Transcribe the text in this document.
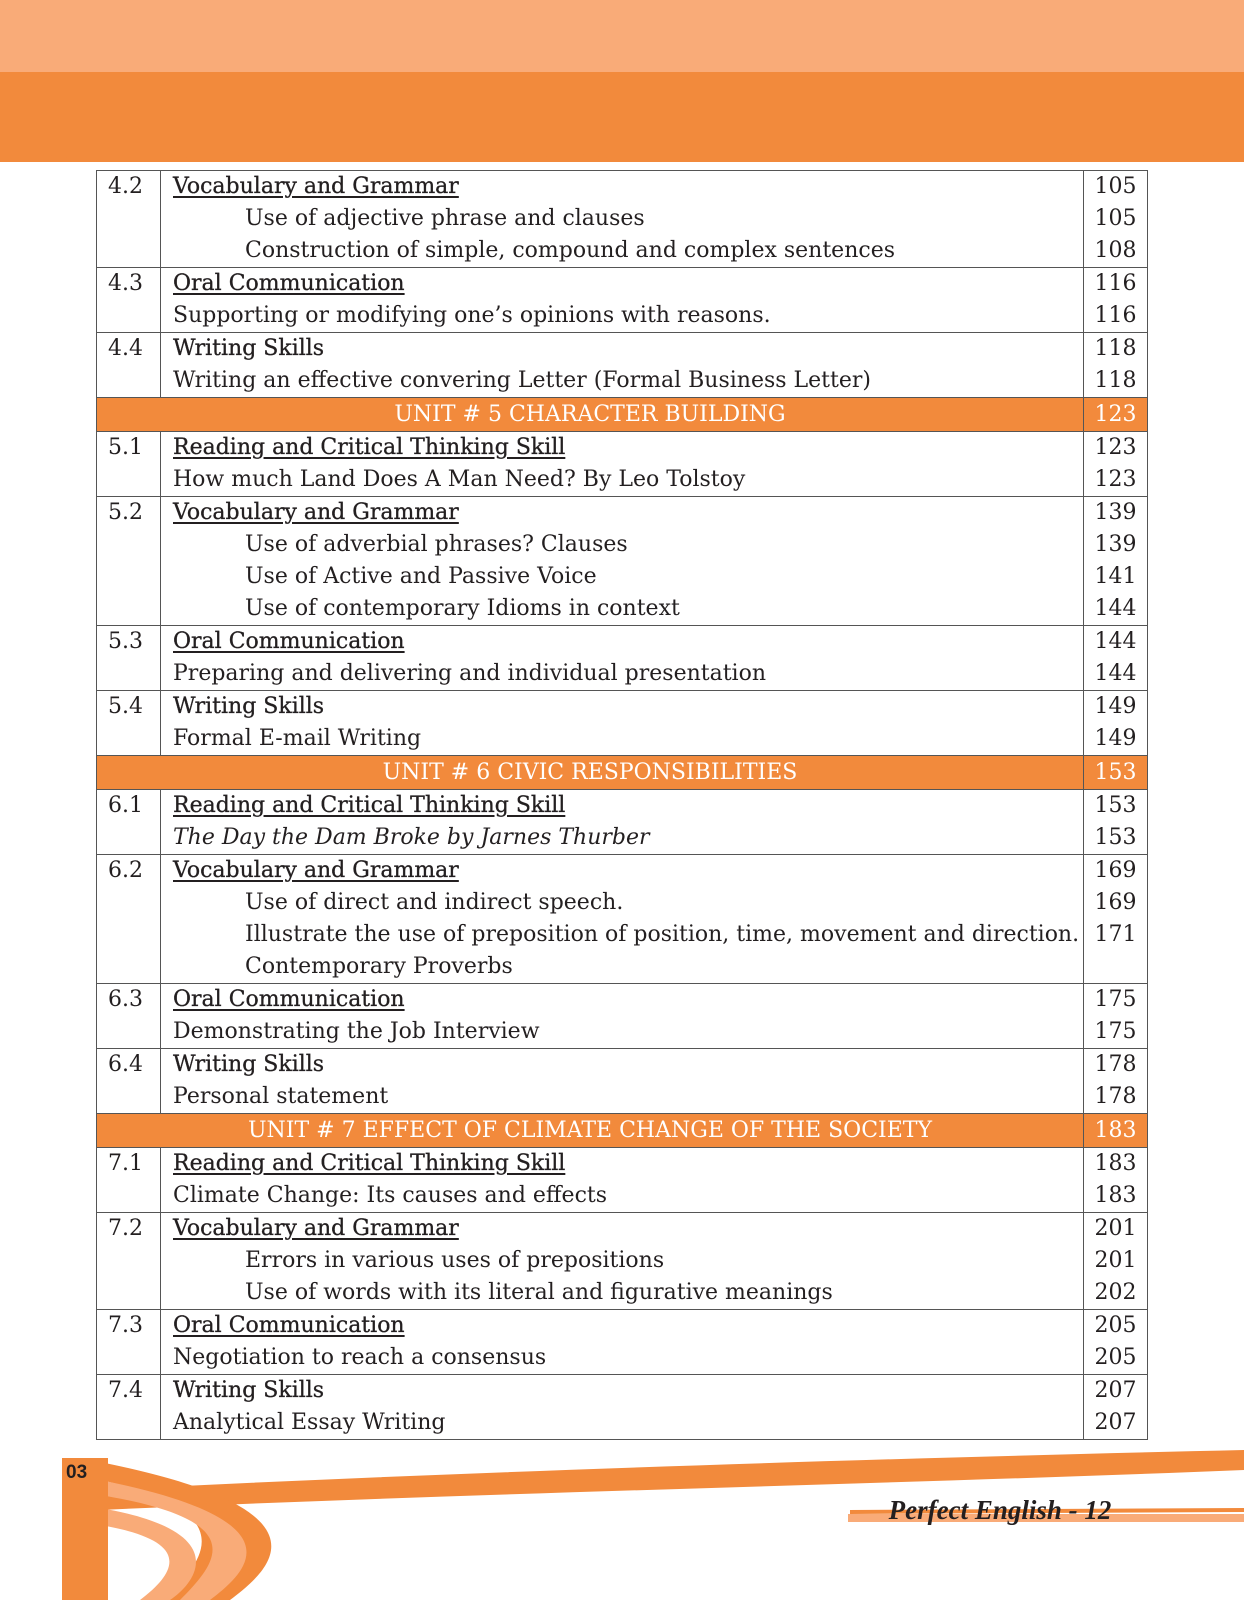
4.2	Vocabulary and Grammar	105
	Use of adjective phrase and clauses	105
	Construction of simple, compound and complex sentences	108
4.3	Oral Communication	116
	Supporting or modifying one’s opinions with reasons.	116
4.4	Writing Skills	118
	Writing an effective convering Letter (Formal Business Letter)	118
UNIT # 5 CHARACTER BUILDING		123
5.1	Reading and Critical Thinking Skill	123
	How much Land Does A Man Need? By Leo Tolstoy	123
5.2	Vocabulary and Grammar	139
	Use of adverbial phrases? Clauses	139
	Use of Active and Passive Voice	141
	Use of contemporary Idioms in context	144
5.3	Oral Communication	144
	Preparing and delivering and individual presentation	144
5.4	Writing Skills	149
	Formal E-mail Writing	149
UNIT # 6 CIVIC RESPONSIBILITIES		153
6.1	Reading and Critical Thinking Skill	153
	The Day the Dam Broke by Jarnes Thurber	153
6.2	Vocabulary and Grammar	169
	Use of direct and indirect speech.	169
	Illustrate the use of preposition of position, time, movement and direction.	171
	Contemporary Proverbs	
6.3	Oral Communication	175
	Demonstrating the Job Interview	175
6.4	Writing Skills	178
	Personal statement	178
UNIT # 7 EFFECT OF CLIMATE CHANGE OF THE SOCIETY		183
7.1	Reading and Critical Thinking Skill	183
	Climate Change: Its causes and effects	183
7.2	Vocabulary and Grammar	201
	Errors in various uses of prepositions	201
	Use of words with its literal and figurative meanings	202
7.3	Oral Communication	205
	Negotiation to reach a consensus	205
7.4	Writing Skills	207
	Analytical Essay Writing	207
03
Perfect English - 12
